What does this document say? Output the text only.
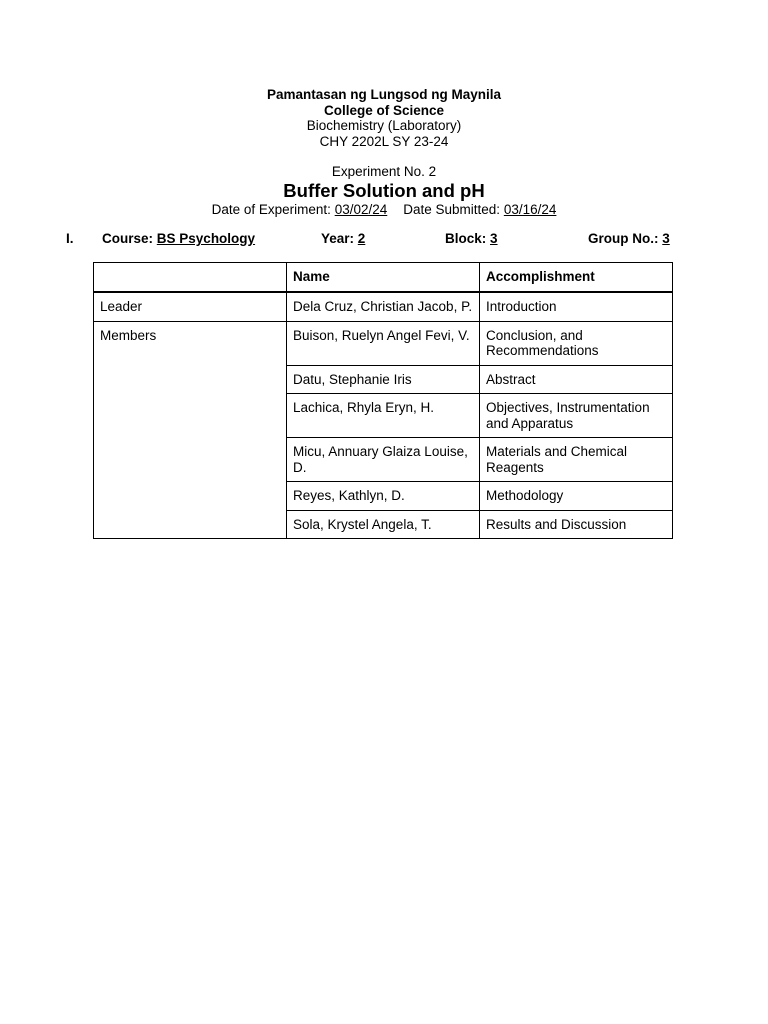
Pamantasan ng Lungsod ng Maynila
College of Science
Biochemistry (Laboratory)
CHY 2202L SY 23-24
Experiment No. 2
Buffer Solution and pH
Date of Experiment: 03/02/24 Date Submitted: 03/16/24
I. Course: BS Psychology	Year: 2	Block: 3	Group No.: 3
	Name	Accomplishment
Leader	Dela Cruz, Christian Jacob, P.	Introduction
Members	Buison, Ruelyn Angel Fevi, V.	Conclusion, and Recommendations
	Datu, Stephanie Iris	Abstract
	Lachica, Rhyla Eryn, H.	Objectives, Instrumentation and Apparatus
	Micu, Annuary Glaiza Louise, D.	Materials and Chemical Reagents
	Reyes, Kathlyn, D.	Methodology
	Sola, Krystel Angela, T.	Results and Discussion
